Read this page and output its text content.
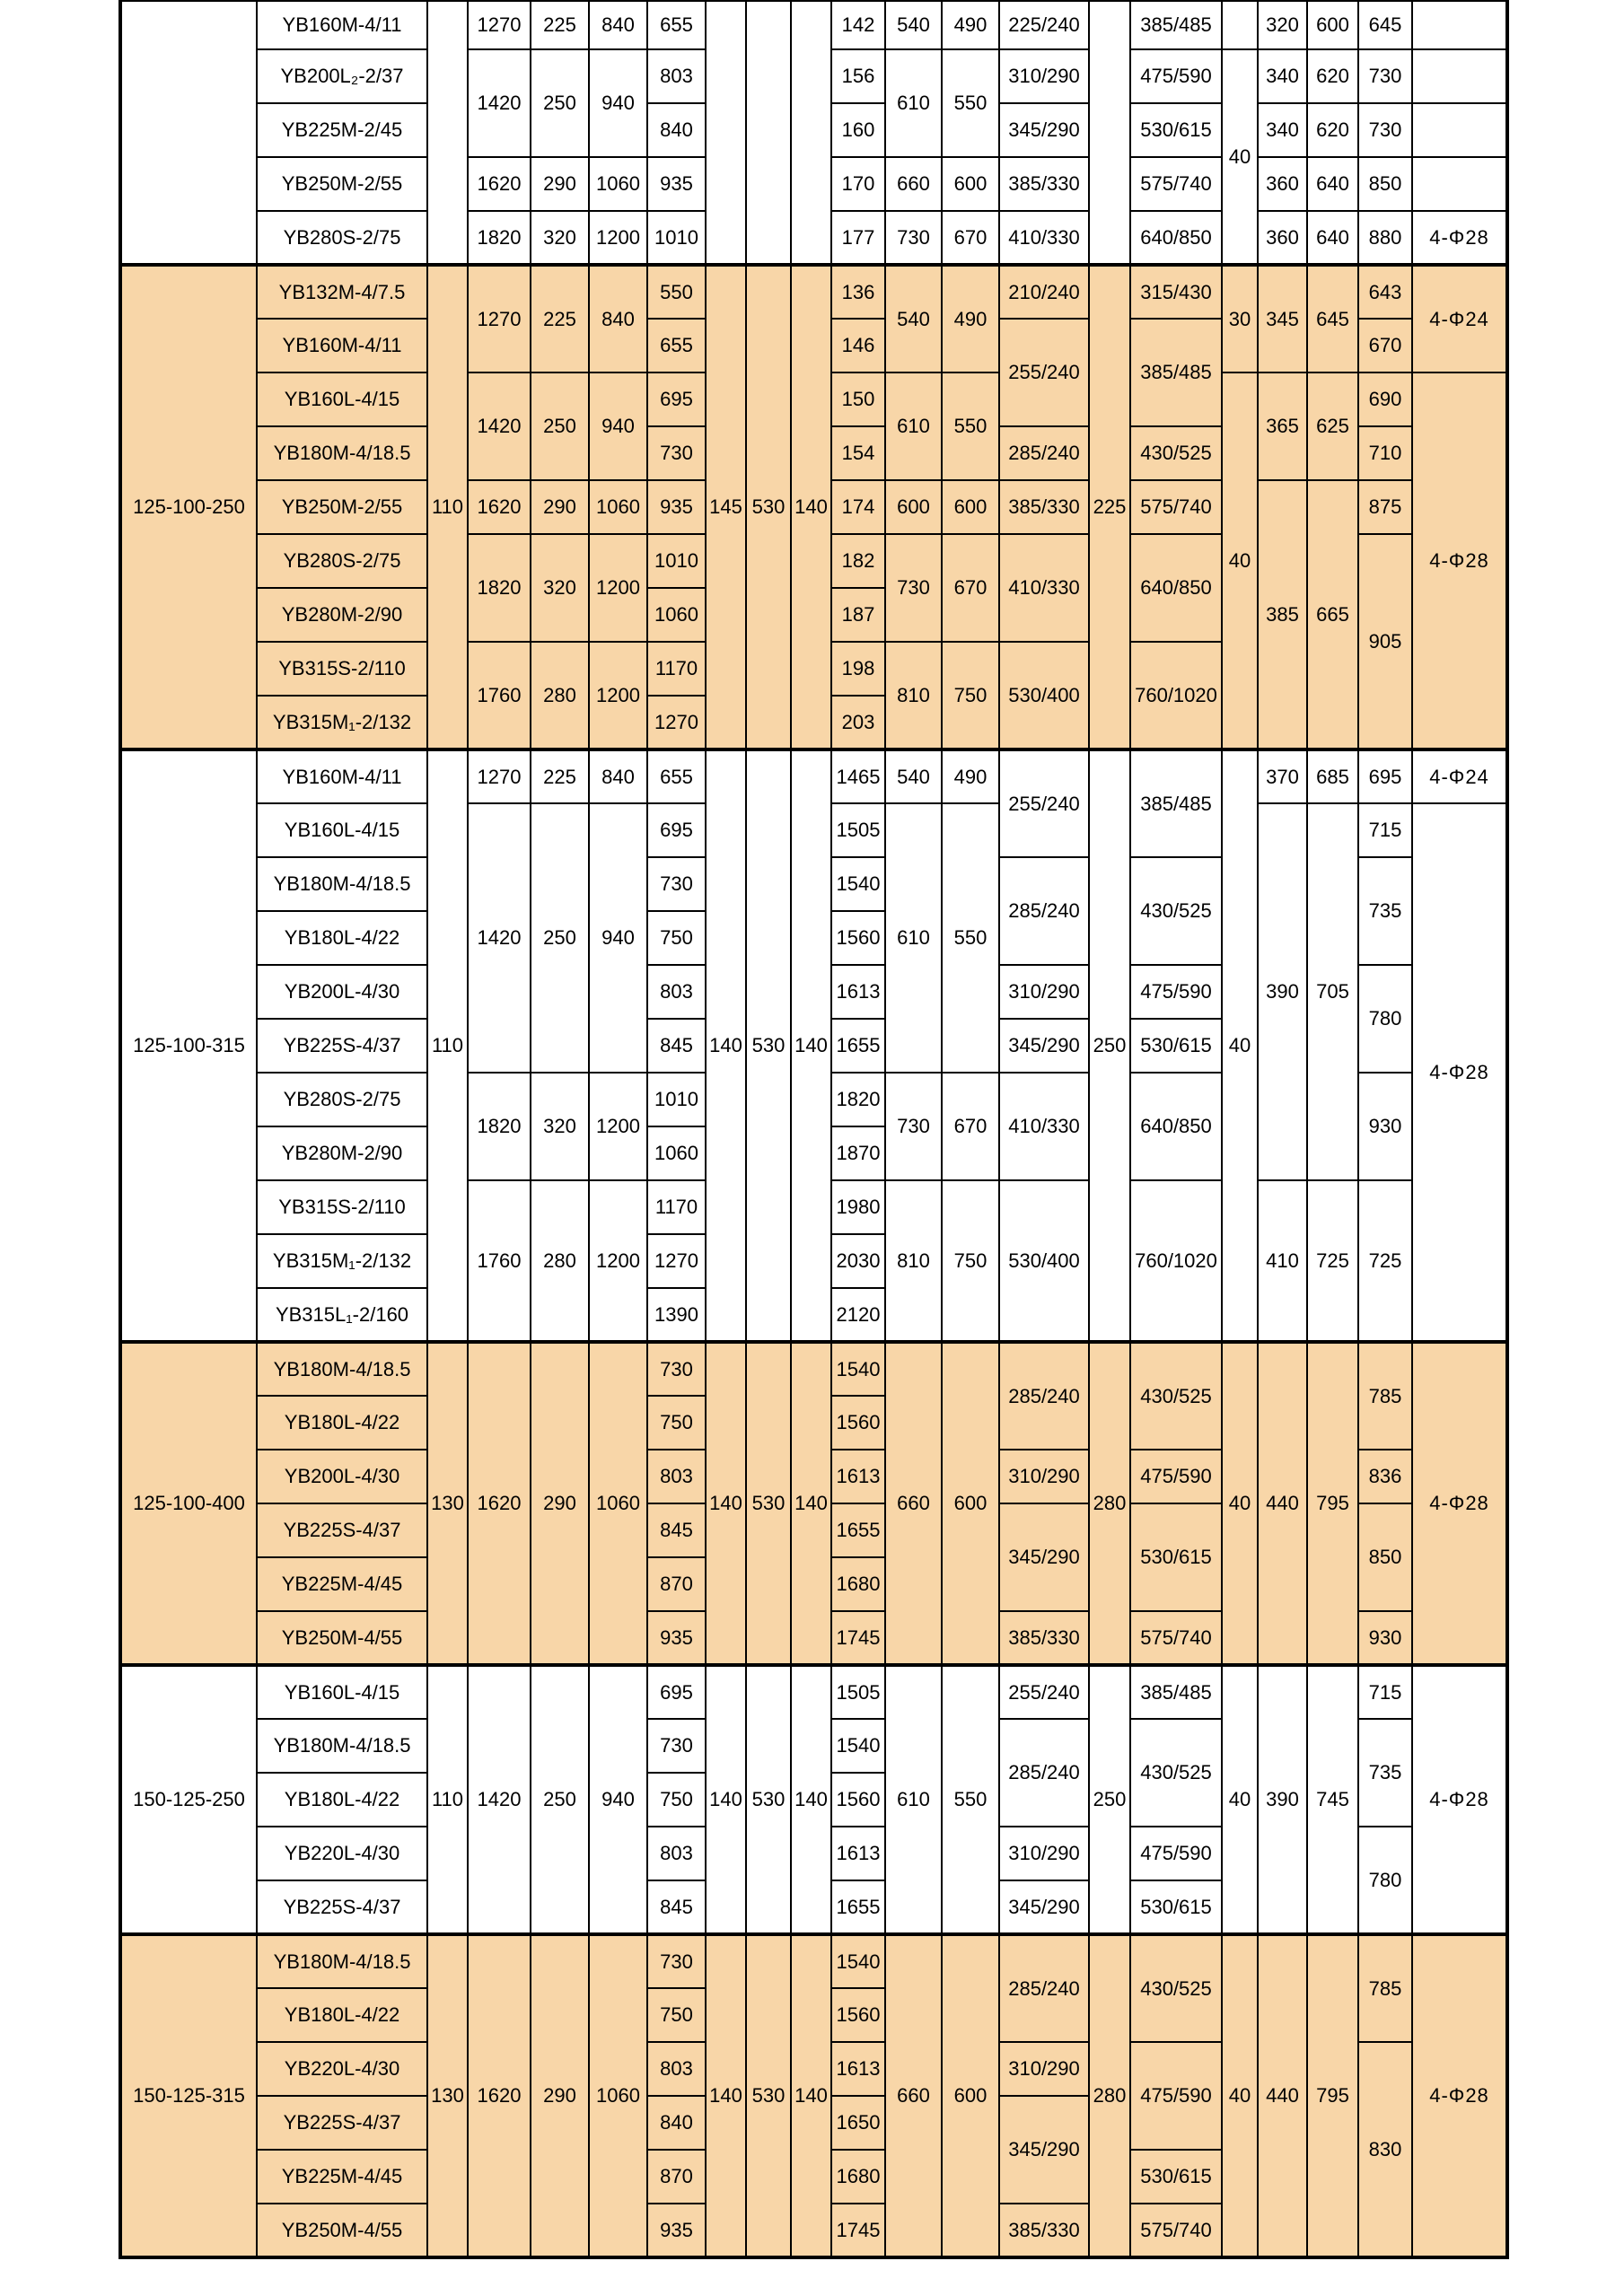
	YB160M-4/11		1270	225	840	655				142	540	490	225/240		385/485		320	600	645	
	YB200L₂-2/37		1420	250	940	803				156	610	550	310/290		475/590	40	340	620	730	
	YB225M-2/45					840				160			345/290		530/615		340	620	730	
	YB250M-2/55		1620	290	1060	935				170	660	600	385/330		575/740		360	640	850	
	YB280S-2/75		1820	320	1200	1010				177	730	670	410/330		640/850		360	640	880	4-Φ28
125-100-250	YB132M-4/7.5	110	1270	225	840	550	145	530	140	136	540	490	210/240	225	315/430	30	345	645	643	4-Φ24
	YB160M-4/11					655				146			255/240		385/485				670	
	YB160L-4/15		1420	250	940	695				150	610	550				40	365	625	690	4-Φ28
	YB180M-4/18.5					730				154			285/240		430/525				710	
	YB250M-2/55		1620	290	1060	935				174	600	600	385/330		575/740		385	665	875	
	YB280S-2/75		1820	320	1200	1010				182	730	670	410/330		640/850				905	
	YB280M-2/90					1060				187										
	YB315S-2/110		1760	280	1200	1170				198	810	750	530/400		760/1020					
	YB315M₁-2/132					1270				203										
125-100-315	YB160M-4/11	110	1270	225	840	655	140	530	140	1465	540	490	255/240	250	385/485	40	370	685	695	4-Φ24
	YB160L-4/15		1420	250	940	695				1505	610	550					390	705	715	4-Φ28
	YB180M-4/18.5					730				1540			285/240		430/525				735	
	YB180L-4/22					750				1560										
	YB200L-4/30					803				1613			310/290		475/590				780	
	YB225S-4/37					845				1655			345/290		530/615					
	YB280S-2/75		1820	320	1200	1010				1820	730	670	410/330		640/850				930	
	YB280M-2/90					1060				1870										
	YB315S-2/110		1760	280	1200	1170				1980	810	750	530/400		760/1020		410	725	725	
	YB315M₁-2/132					1270				2030										
	YB315L₁-2/160					1390				2120										
125-100-400	YB180M-4/18.5	130	1620	290	1060	730	140	530	140	1540	660	600	285/240	280	430/525	40	440	795	785	4-Φ28
	YB180L-4/22					750				1560										
	YB200L-4/30					803				1613			310/290		475/590				836	
	YB225S-4/37					845				1655			345/290		530/615				850	
	YB225M-4/45					870				1680										
	YB250M-4/55					935				1745			385/330		575/740				930	
150-125-250	YB160L-4/15	110	1420	250	940	695	140	530	140	1505	610	550	255/240	250	385/485	40	390	745	715	4-Φ28
	YB180M-4/18.5					730				1540			285/240		430/525				735	
	YB180L-4/22					750				1560										
	YB220L-4/30					803				1613			310/290		475/590				780	
	YB225S-4/37					845				1655			345/290		530/615					
150-125-315	YB180M-4/18.5	130	1620	290	1060	730	140	530	140	1540	660	600	285/240	280	430/525	40	440	795	785	4-Φ28
	YB180L-4/22					750				1560										
	YB220L-4/30					803				1613			310/290		475/590				830	
	YB225S-4/37					840				1650			345/290							
	YB225M-4/45					870				1680					530/615					
	YB250M-4/55					935				1745			385/330		575/740					
